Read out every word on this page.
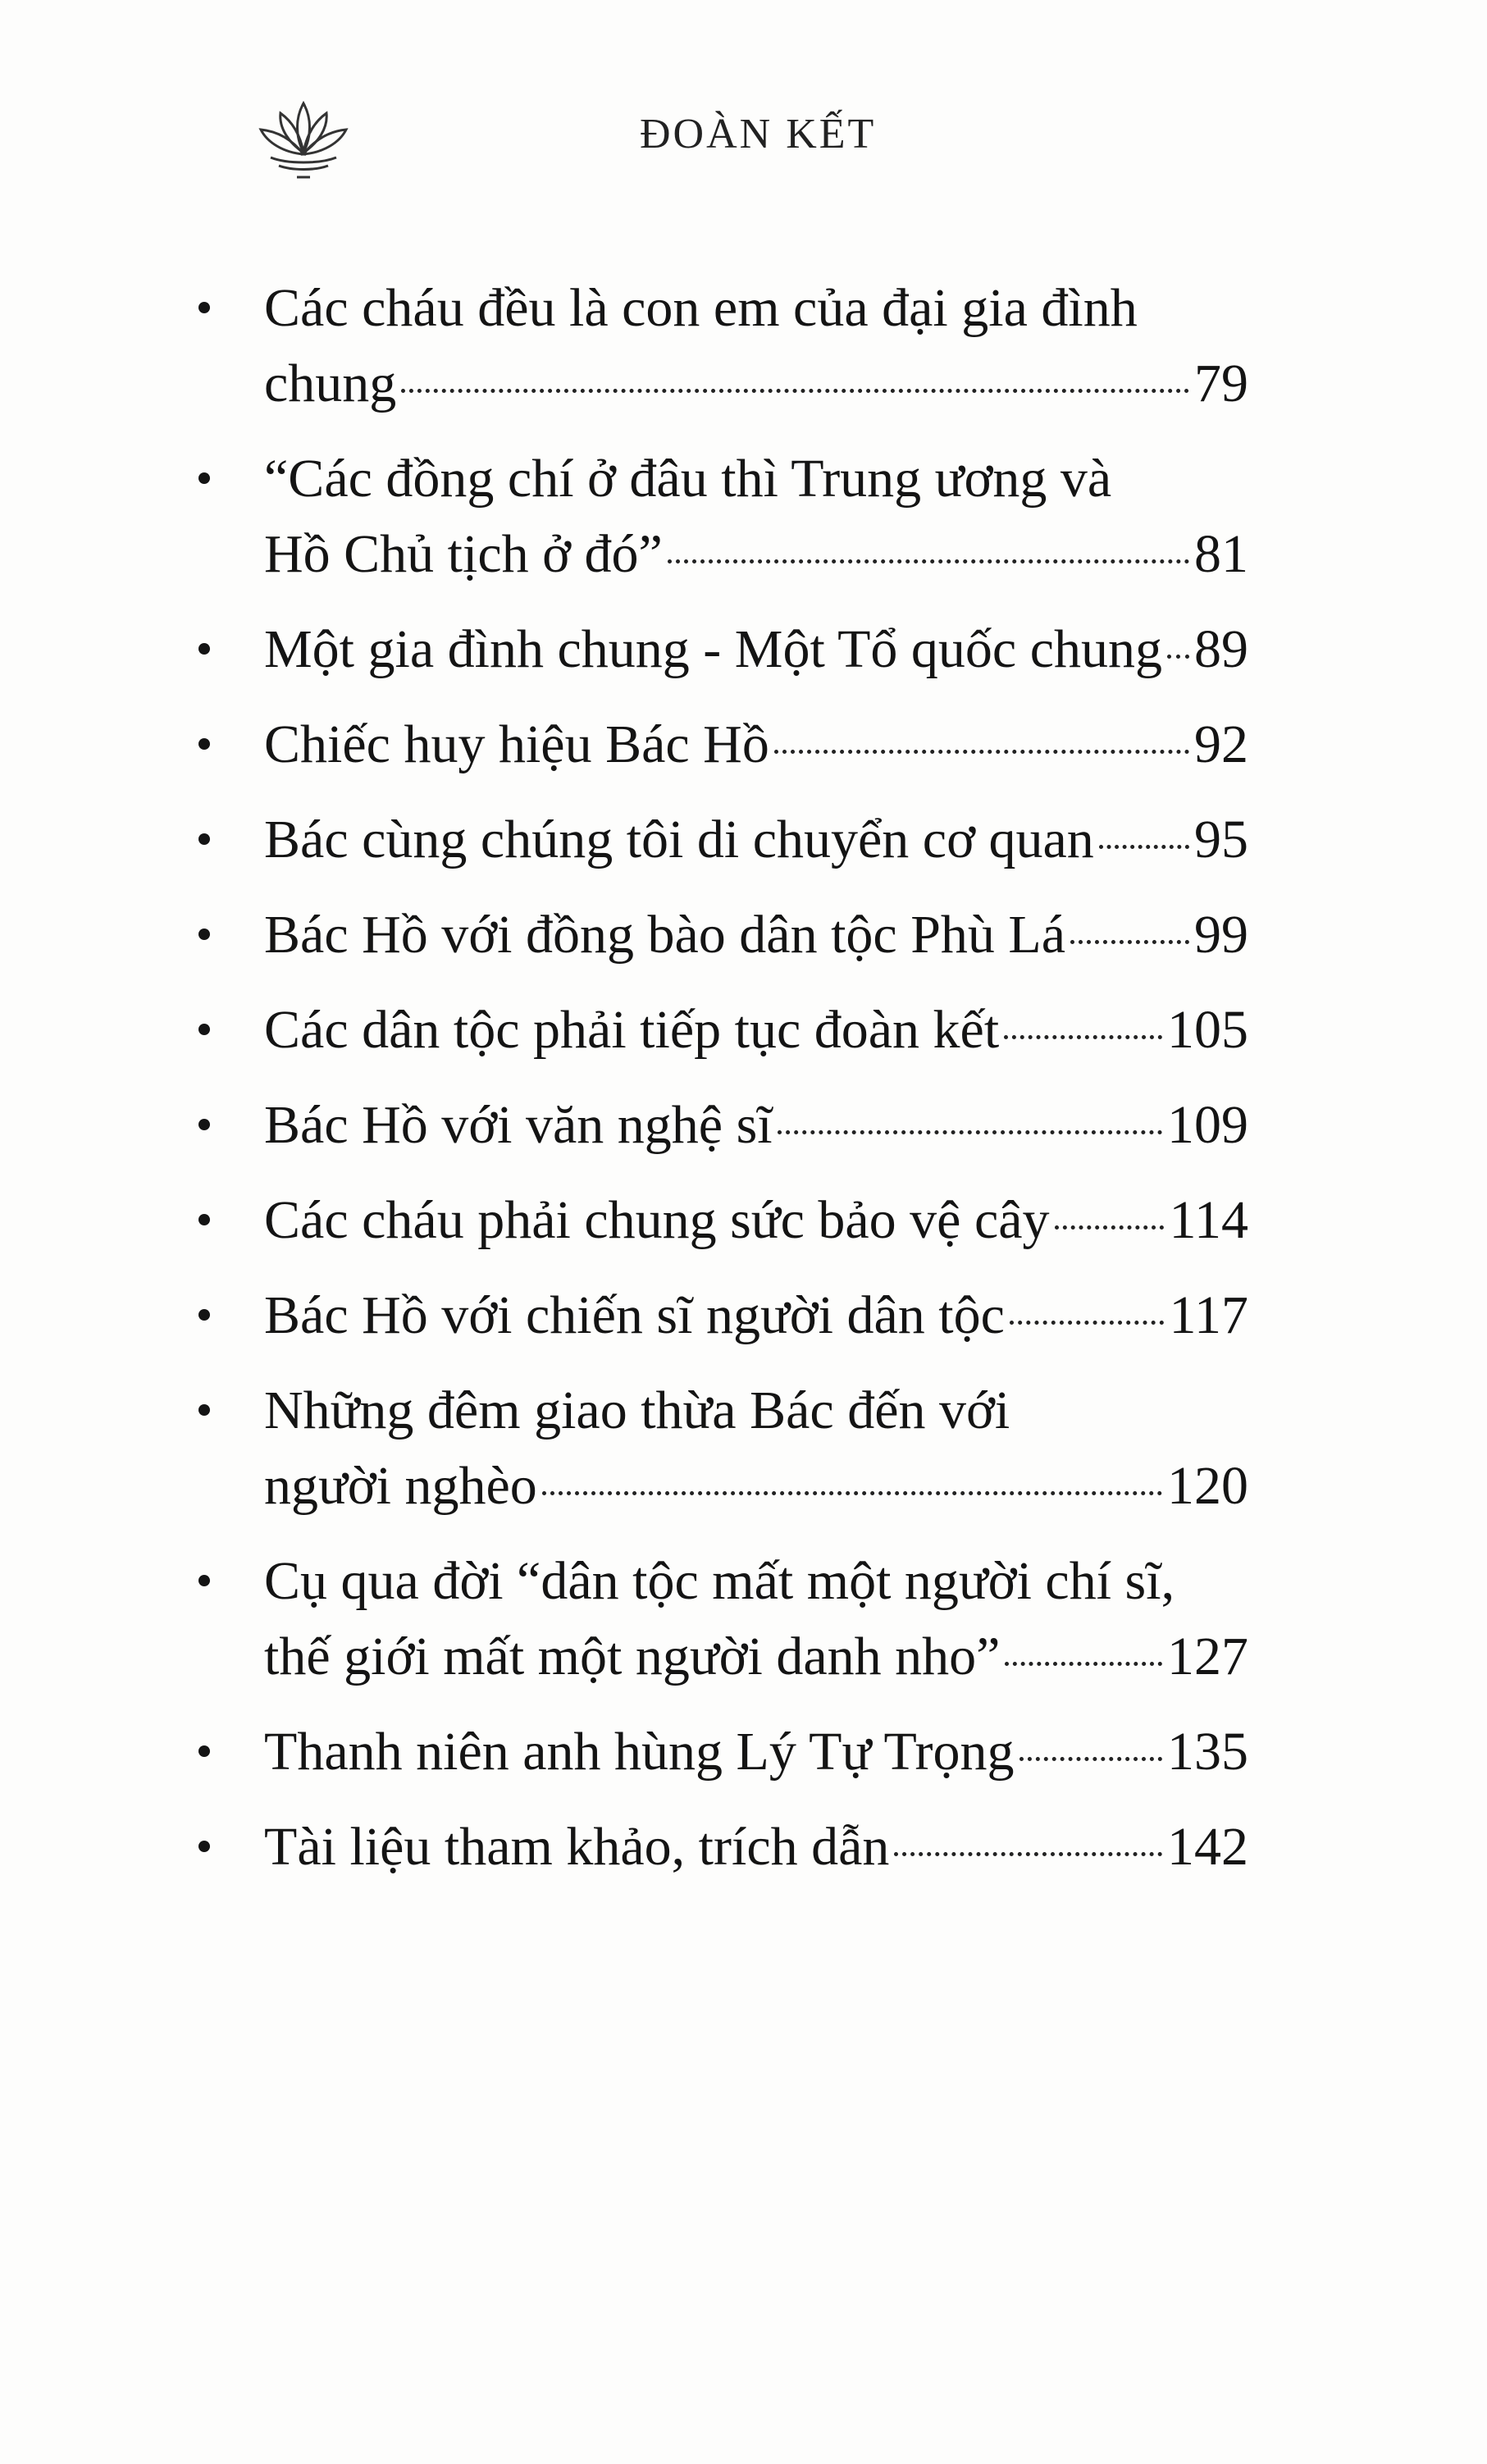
ĐOÀN KẾT
Các cháu đều là con em của đại gia đình
chung	79
“Các đồng chí ở đâu thì Trung ương và
Hồ Chủ tịch ở đó”	81
Một gia đình chung - Một Tổ quốc chung 89
Chiếc huy hiệu Bác Hồ	92
Bác cùng chúng tôi di chuyển cơ quan 95
Bác Hồ với đồng bào dân tộc Phù Lá 99
Các dân tộc phải tiếp tục đoàn kết	105
Bác Hồ với văn nghệ sĩ	109
Các cháu phải chung sức bảo vệ cây 114
Bác Hồ với chiến sĩ người dân tộc	117
Những đêm giao thừa Bác đến với
người nghèo	120
Cụ qua đời “dân tộc mất một người chí sĩ,
thế giới mất một người danh nho”	127
Thanh niên anh hùng Lý Tự Trọng	135
Tài liệu tham khảo, trích dẫn	142
